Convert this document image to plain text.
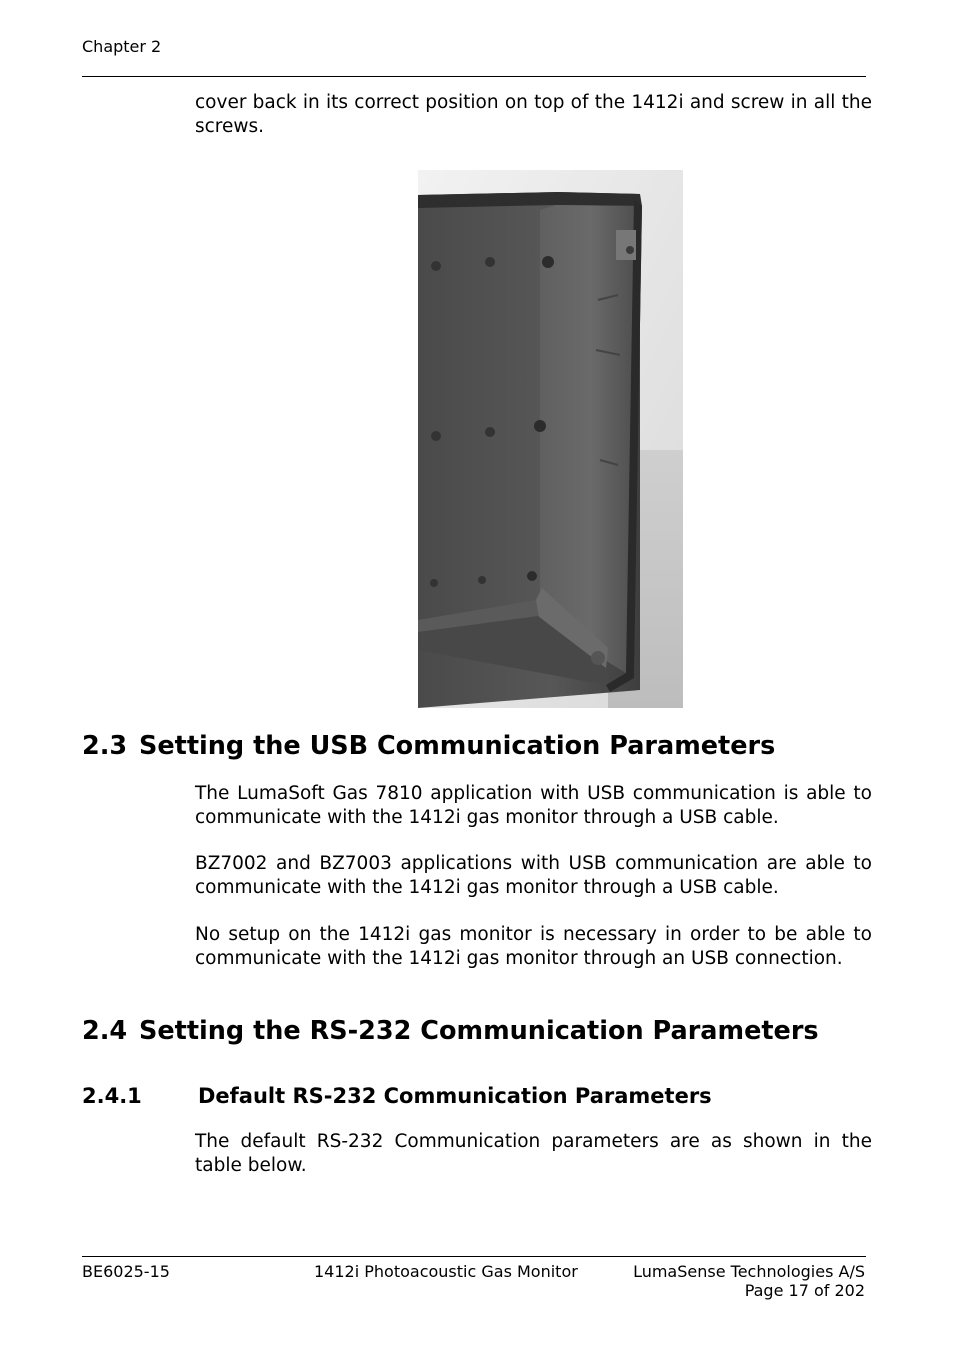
Chapter 2
cover back in its correct position on top of the 1412i and screw in all the screws.
2.3 Setting the USB Communication Parameters
The LumaSoft Gas 7810 application with USB communication is able to communicate with the 1412i gas monitor through a USB cable.
BZ7002 and BZ7003 applications with USB communication are able to communicate with the 1412i gas monitor through a USB cable.
No setup on the 1412i gas monitor is necessary in order to be able to communicate with the 1412i gas monitor through an USB connection.
2.4 Setting the RS-232 Communication Parameters
2.4.1	Default RS-232 Communication Parameters
The default RS-232 Communication parameters are as shown in the table below.
BE6025-15	1412i Photoacoustic Gas Monitor	LumaSense Technologies A/S
Page 17 of 202
